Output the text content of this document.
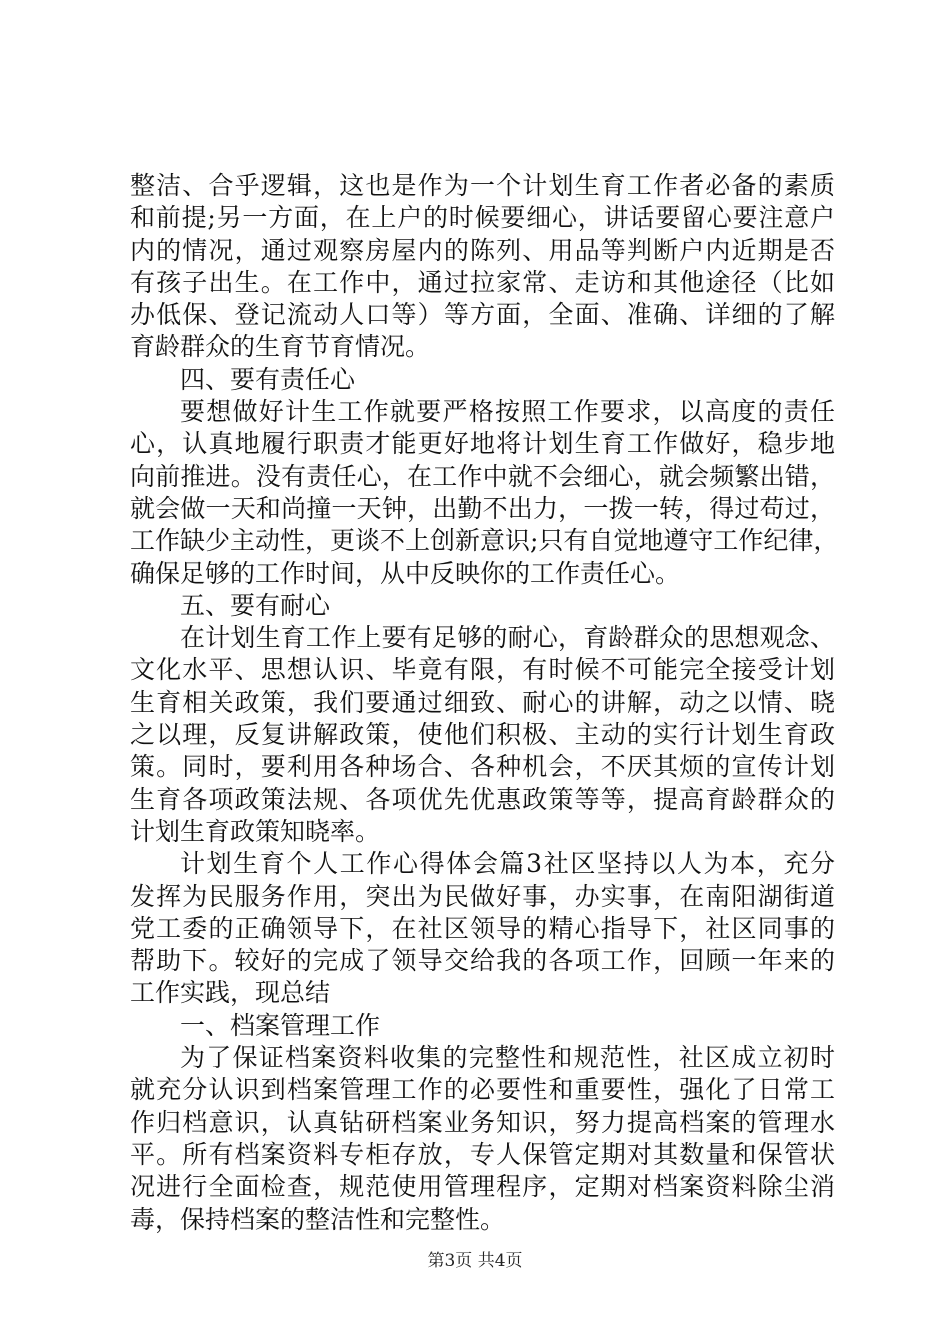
整洁、合乎逻辑，这也是作为一个计划生育工作者必备的素质
和前提;另一方面，在上户的时候要细心，讲话要留心要注意户
内的情况，通过观察房屋内的陈列、用品等判断户内近期是否
有孩子出生。在工作中，通过拉家常、走访和其他途径（比如
办低保、登记流动人口等）等方面，全面、准确、详细的了解
育龄群众的生育节育情况。
四、要有责任心
要想做好计生工作就要严格按照工作要求，以高度的责任
心，认真地履行职责才能更好地将计划生育工作做好，稳步地
向前推进。没有责任心，在工作中就不会细心，就会频繁出错，
就会做一天和尚撞一天钟，出勤不出力，一拨一转，得过苟过，
工作缺少主动性，更谈不上创新意识;只有自觉地遵守工作纪律，
确保足够的工作时间，从中反映你的工作责任心。
五、要有耐心
在计划生育工作上要有足够的耐心，育龄群众的思想观念、
文化水平、思想认识、毕竟有限，有时候不可能完全接受计划
生育相关政策，我们要通过细致、耐心的讲解，动之以情、晓
之以理，反复讲解政策，使他们积极、主动的实行计划生育政
策。同时，要利用各种场合、各种机会，不厌其烦的宣传计划
生育各项政策法规、各项优先优惠政策等等，提高育龄群众的
计划生育政策知晓率。
计划生育个人工作心得体会篇3社区坚持以人为本，充分
发挥为民服务作用，突出为民做好事，办实事，在南阳湖街道
党工委的正确领导下，在社区领导的精心指导下，社区同事的
帮助下。较好的完成了领导交给我的各项工作，回顾一年来的
工作实践，现总结
一、档案管理工作
为了保证档案资料收集的完整性和规范性，社区成立初时
就充分认识到档案管理工作的必要性和重要性，强化了日常工
作归档意识，认真钻研档案业务知识，努力提高档案的管理水
平。所有档案资料专柜存放，专人保管定期对其数量和保管状
况进行全面检查，规范使用管理程序，定期对档案资料除尘消
毒，保持档案的整洁性和完整性。
第3页 共4页
